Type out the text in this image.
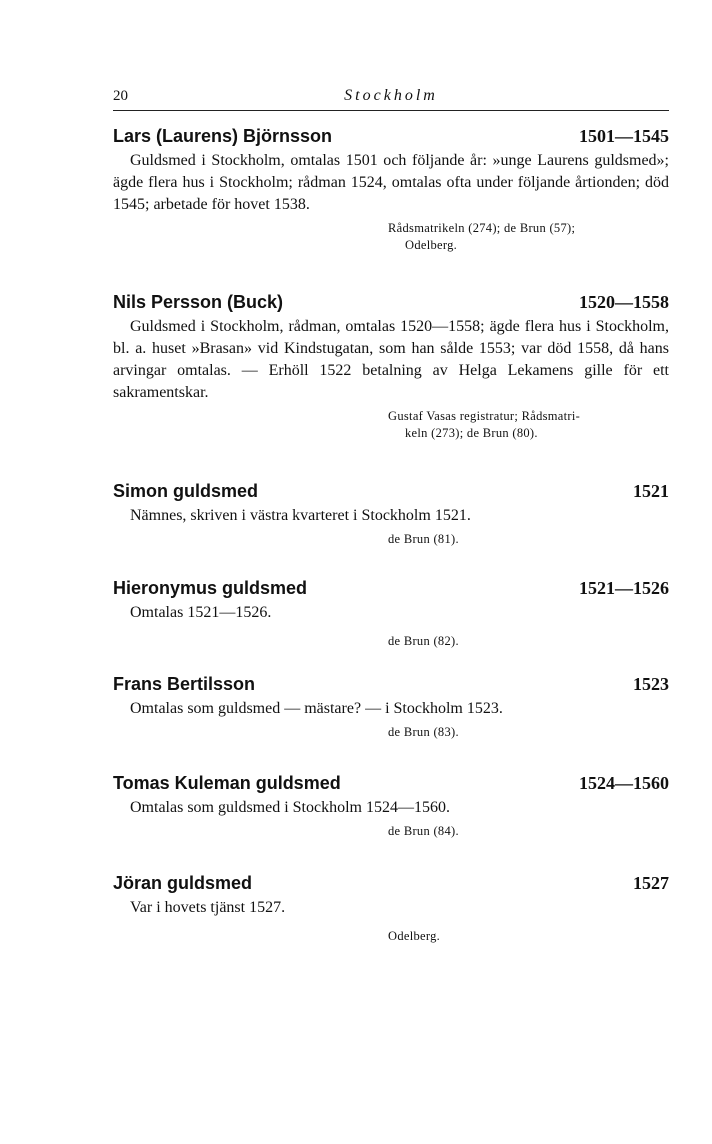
20	Stockholm
Lars (Laurens) Björnsson	1501—1545

Guldsmed i Stockholm, omtalas 1501 och följande år: »unge Laurens guldsmed»; ägde flera hus i Stockholm; rådman 1524, omtalas ofta under följande årtionden; död 1545; arbetade för hovet 1538.

Rådsmatrikeln (274); de Brun (57);
Odelberg.
Nils Persson (Buck)	1520—1558

Guldsmed i Stockholm, rådman, omtalas 1520—1558; ägde flera hus i Stockholm, bl. a. huset »Brasan» vid Kindstugatan, som han sålde 1553; var död 1558, då hans arvingar omtalas. — Erhöll 1522 betalning av Helga Lekamens gille för ett sakramentskar.

Gustaf Vasas registratur; Rådsmatri-
keln (273); de Brun (80).
Simon guldsmed	1521

Nämnes, skriven i västra kvarteret i Stockholm 1521.

de Brun (81).
Hieronymus guldsmed	1521—1526

Omtalas 1521—1526.

de Brun (82).
Frans Bertilsson	1523

Omtalas som guldsmed — mästare? — i Stockholm 1523.

de Brun (83).
Tomas Kuleman guldsmed	1524—1560

Omtalas som guldsmed i Stockholm 1524—1560.

de Brun (84).
Jöran guldsmed	1527

Var i hovets tjänst 1527.

Odelberg.
